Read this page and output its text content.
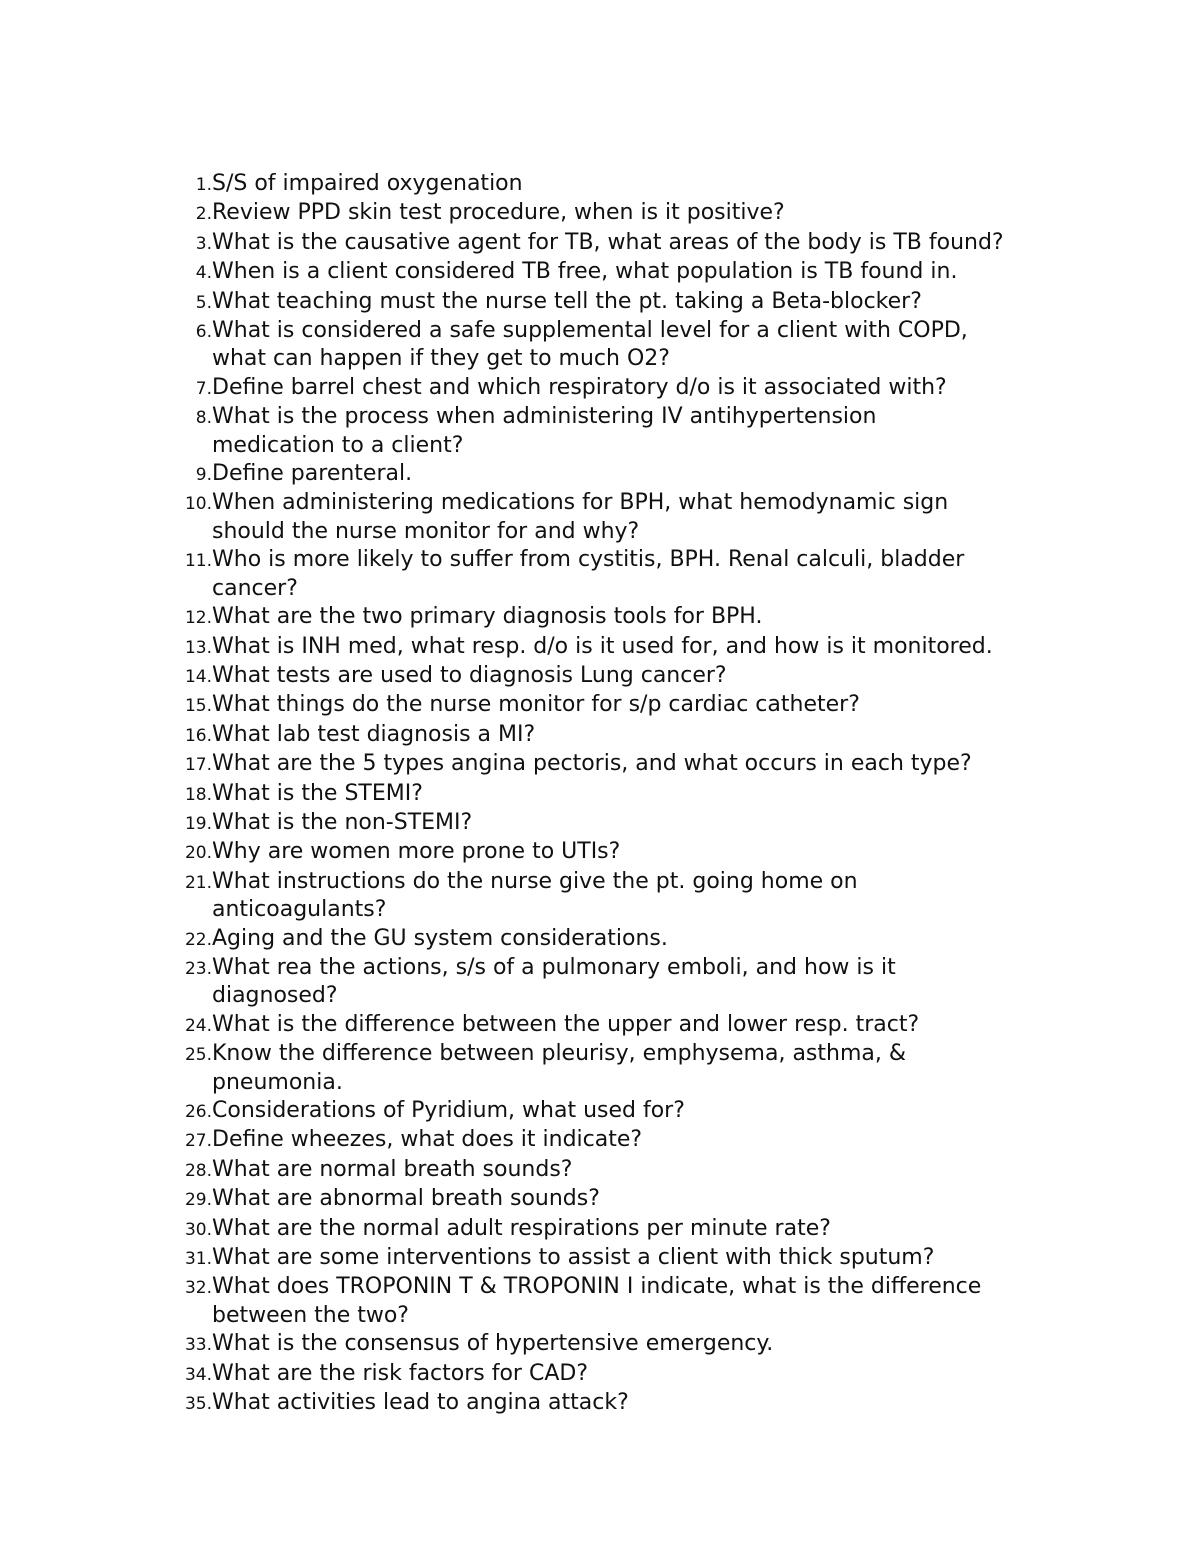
1. S/S of impaired oxygenation
2. Review PPD skin test procedure, when is it positive?
3. What is the causative agent for TB, what areas of the body is TB found?
4. When is a client considered TB free, what population is TB found in.
5. What teaching must the nurse tell the pt. taking a Beta-blocker?
6. What is considered a safe supplemental level for a client with COPD,
what can happen if they get to much O2?
7. Define barrel chest and which respiratory d/o is it associated with?
8. What is the process when administering IV antihypertension
medication to a client?
9. Define parenteral.
10. When administering medications for BPH, what hemodynamic sign
should the nurse monitor for and why?
11. Who is more likely to suffer from cystitis, BPH. Renal calculi, bladder
cancer?
12. What are the two primary diagnosis tools for BPH.
13. What is INH med, what resp. d/o is it used for, and how is it monitored.
14. What tests are used to diagnosis Lung cancer?
15. What things do the nurse monitor for s/p cardiac catheter?
16. What lab test diagnosis a MI?
17. What are the 5 types angina pectoris, and what occurs in each type?
18. What is the STEMI?
19. What is the non-STEMI?
20. Why are women more prone to UTIs?
21. What instructions do the nurse give the pt. going home on
anticoagulants?
22. Aging and the GU system considerations.
23. What rea the actions, s/s of a pulmonary emboli, and how is it
diagnosed?
24. What is the difference between the upper and lower resp. tract?
25. Know the difference between pleurisy, emphysema, asthma, &
pneumonia.
26. Considerations of Pyridium, what used for?
27. Define wheezes, what does it indicate?
28. What are normal breath sounds?
29. What are abnormal breath sounds?
30. What are the normal adult respirations per minute rate?
31. What are some interventions to assist a client with thick sputum?
32. What does TROPONIN T & TROPONIN I indicate, what is the difference
between the two?
33. What is the consensus of hypertensive emergency.
34. What are the risk factors for CAD?
35. What activities lead to angina attack?
